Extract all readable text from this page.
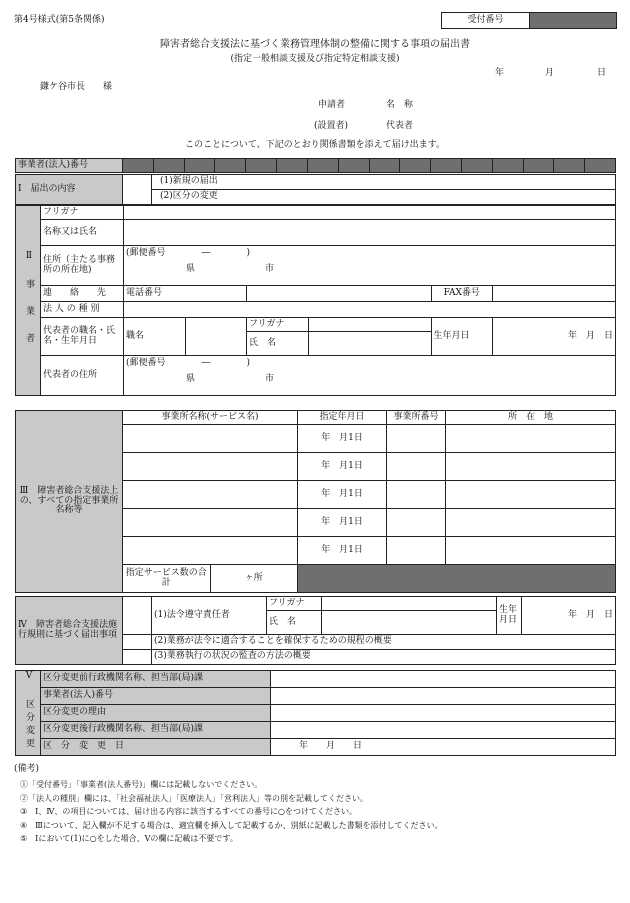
第4号様式(第5条関係)	受付番号
障害者総合支援法に基づく業務管理体制の整備に関する事項の届出書
(指定一般相談支援及び指定特定相談支援)
年	月	日
鎌ケ谷市長　　様
申請者	名　称
(設置者)	代表者
このことについて、下記のとおり関係書類を添えて届け出ます。
事業者(法人)番号																
Ⅰ　届出の内容		(1)新規の届出
(2)区分の変更
Ⅱ 事 業 者	フリガナ						
	名称又は氏名						
	住所（主たる事務所の所在地)	(郵便番号　　　　―　　　　)
県 市					

	連　　絡　　先	電話番号				FAX番号	
	法 人 の 種 別						
	代表者の職名・氏名・生年月日	職名		フリガナ		生年月日	年　月　日
				氏　名			
	代表者の住所	(郵便番号　　　　―　　　　)
県 市					
Ⅲ　障害者総合支援法上の、すべての指定事業所名称等	事業所名称(サービス名)		指定年月日	事業所番号	所　在　地
			年　月1日		
			年　月1日		
			年　月1日		
			年　月1日		
			年　月1日		
	指定サービス数の合計	ヶ所			
Ⅳ　障害者総合支援法施行規則に基づく届出事項		(1)法令遵守責任者	フリガナ		生年月日	年　月　日
			氏　名			
		(2)業務が法令に適合することを確保するための規程の概要				
		(3)業務執行の状況の監査の方法の概要				
Ⅴ 区分変更	区分変更前行政機関名称、担当部(局)課	
	事業者(法人)番号	
	区分変更の理由	
	区分変更後行政機関名称、担当部(局)課	
	区　分　変　更　日	年　　月　　日
(備考)
①「受付番号」「事業者(法人番号)」欄には記載しないでください。
②「法人の種別」欄には、「社会福祉法人」「医療法人」「営利法人」等の別を記載してください。
③　Ⅰ、Ⅳ、の項目については、届け出る内容に該当するすべての番号に○をつけてください。
④　Ⅲについて、記入欄が不足する場合は、適宜欄を挿入して記載するか、別紙に記載した書類を添付してください。
⑤　Ⅰにおいて(1)に○をした場合、Ⅴの欄に記載は不要です。
